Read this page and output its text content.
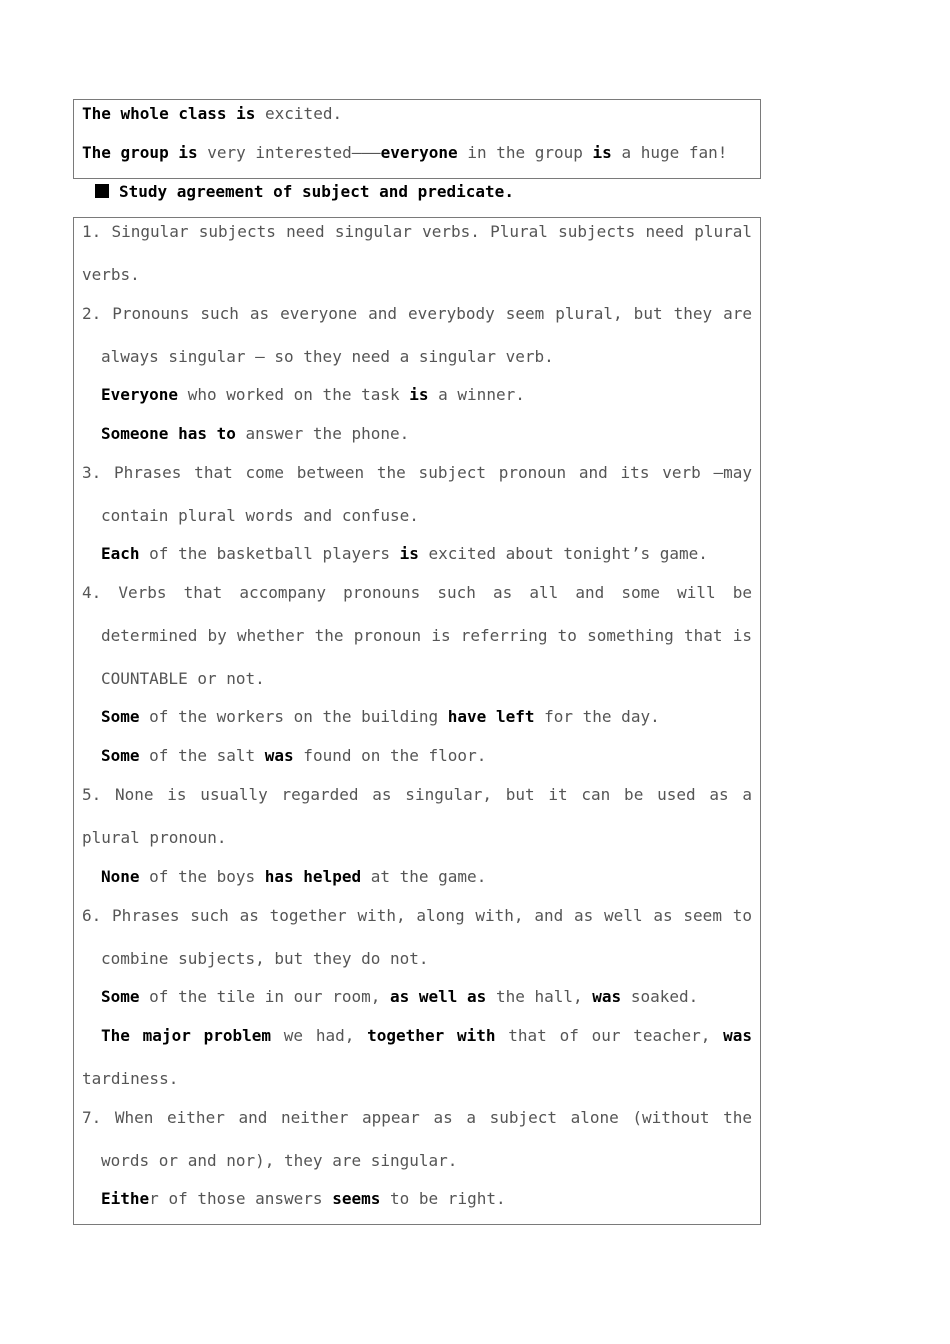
The whole class is excited.
The group is very interested———everyone in the group is a huge fan!
Study agreement of subject and predicate.
1. Singular subjects need singular verbs. Plural subjects need plural
verbs.
2. Pronouns such as everyone and everybody seem plural, but they are
always singular — so they need a singular verb.
Everyone who worked on the task is a winner.
Someone has to answer the phone.
3. Phrases that come between the subject pronoun and its verb —may
contain plural words and confuse.
Each of the basketball players is excited about tonight’s game.
4. Verbs that accompany pronouns such as all and some will be
determined by whether the pronoun is referring to something that is
COUNTABLE or not.
Some of the workers on the building have left for the day.
Some of the salt was found on the floor.
5. None is usually regarded as singular, but it can be used as a
plural pronoun.
None of the boys has helped at the game.
6. Phrases such as together with, along with, and as well as seem to
combine subjects, but they do not.
Some of the tile in our room, as well as the hall, was soaked.
The major problem we had, together with that of our teacher, was
tardiness.
7. When either and neither appear as a subject alone (without the
words or and nor), they are singular.
Either of those answers seems to be right.
